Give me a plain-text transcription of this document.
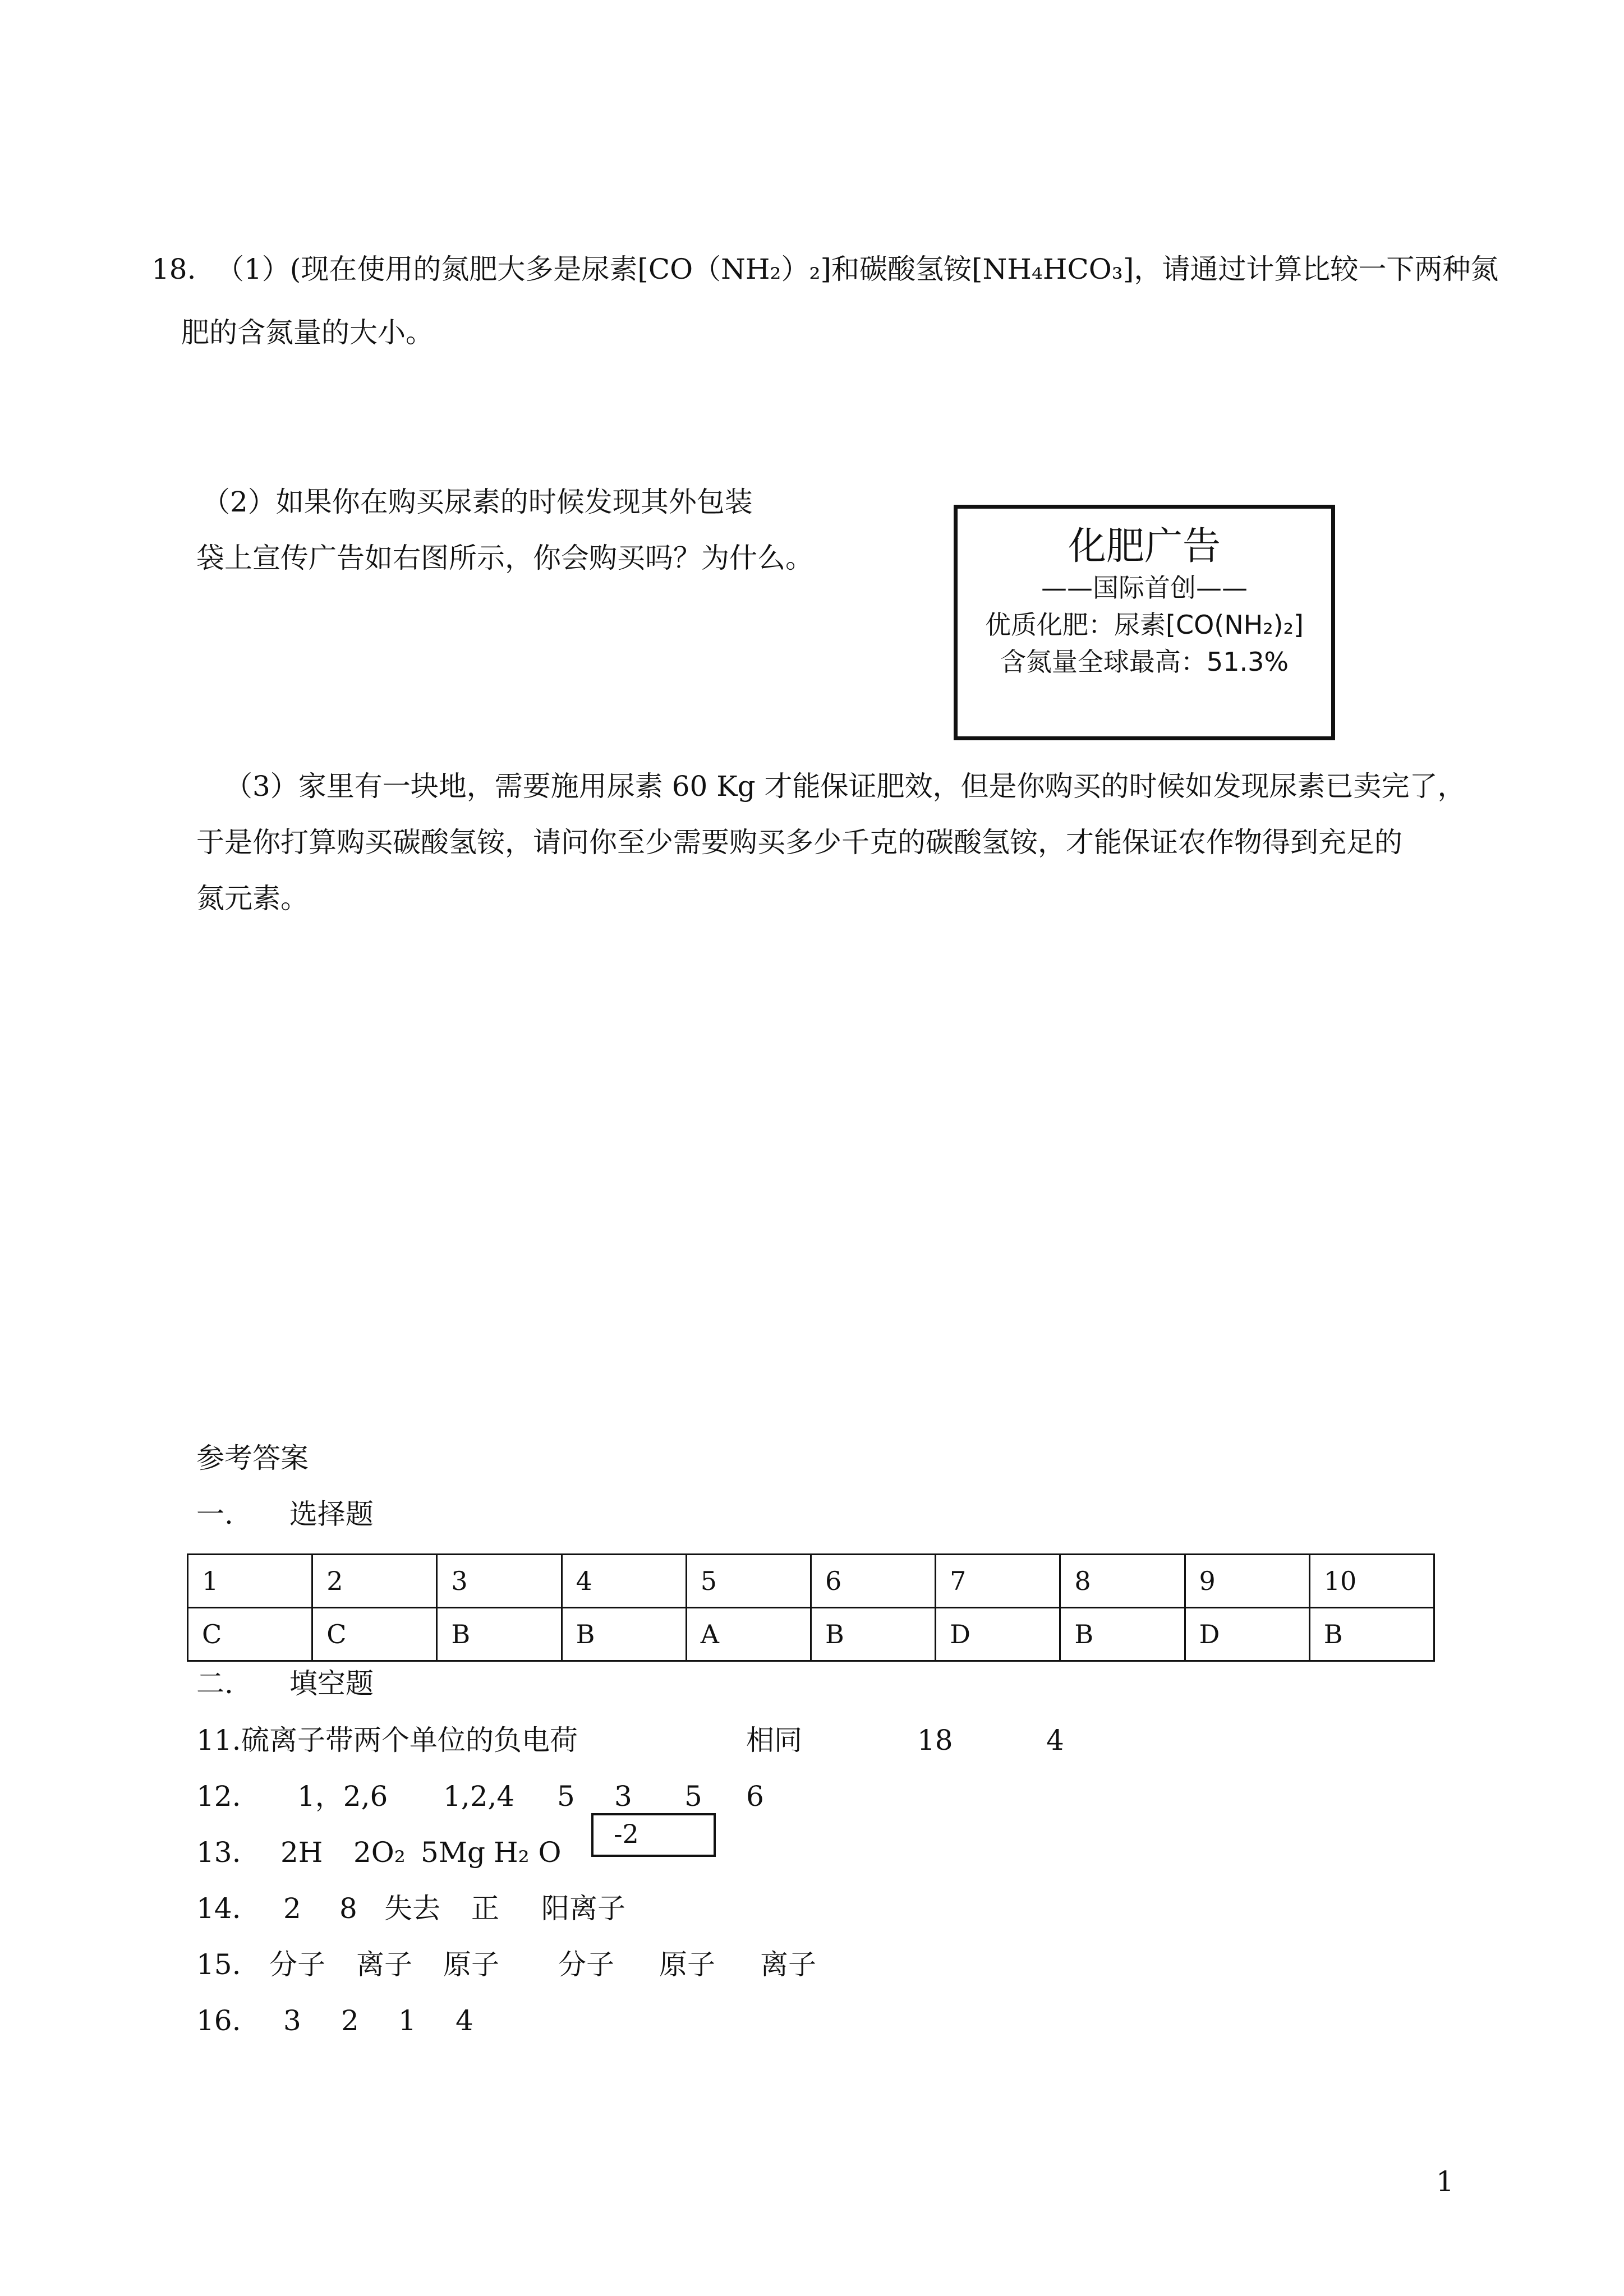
18. （1）(现在使用的氮肥大多是尿素[CO（NH₂）₂]和碳酸氢铵[NH₄HCO₃]，请通过计算比较一下两种氮
肥的含氮量的大小。
（2）如果你在购买尿素的时候发现其外包装
袋上宣传广告如右图所示，你会购买吗？为什么。	化肥广告
——国际首创——
优质化肥：尿素[CO(NH₂)₂]
含氮量全球最高：51.3%
（3）家里有一块地，需要施用尿素 60 Kg 才能保证肥效，但是你购买的时候如发现尿素已卖完了，
于是你打算购买碳酸氢铵，请问你至少需要购买多少千克的碳酸氢铵，才能保证农作物得到充足的
氮元素。
参考答案
一.　　选择题
1	2	3	4	5	6	7	8	9	10
C	C	B	B	A	B	D	B	D	B
二.　　填空题
11. 硫离子带两个单位的负电荷	相同	18	4
12. 1，2,6 1,2,4 5 3 5 6
-2
13. 2H 2O₂ 5Mg H₂ O
14. 2 8 失去 正 阳离子
15. 分子 离子 原子 分子 原子 离子
16. 3 2 1 4
1
